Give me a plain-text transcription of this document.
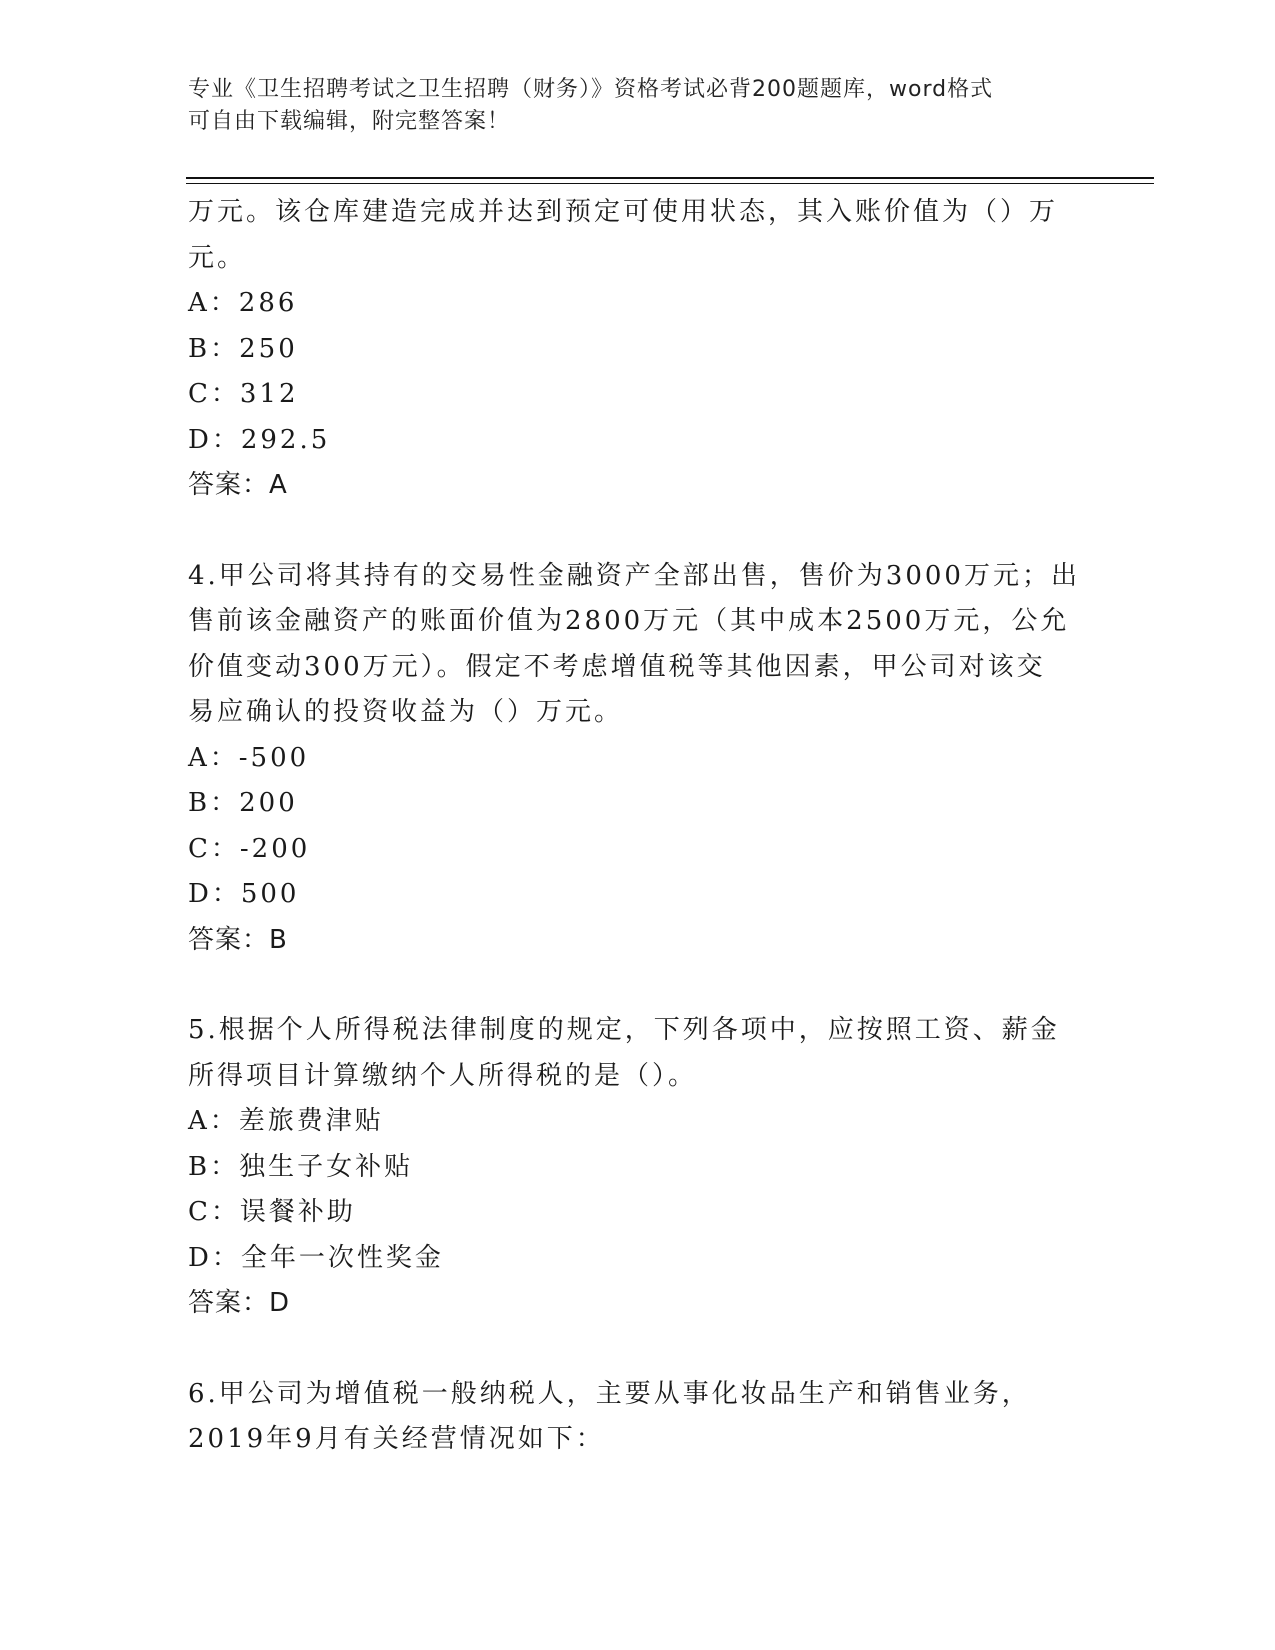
专业《卫生招聘考试之卫生招聘（财务）》资格考试必背200题题库，word格式
可自由下载编辑，附完整答案！

万元。该仓库建造完成并达到预定可使用状态，其入账价值为（）万

元。

A：286

B：250

C：312

D：292.5

答案：A

4.甲公司将其持有的交易性金融资产全部出售，售价为3000万元；出

售前该金融资产的账面价值为2800万元（其中成本2500万元，公允

价值变动300万元）。假定不考虑增值税等其他因素，甲公司对该交

易应确认的投资收益为（）万元。

A：-500

B：200

C：-200

D：500

答案：B

5.根据个人所得税法律制度的规定，下列各项中，应按照工资、薪金

所得项目计算缴纳个人所得税的是（）。

A：差旅费津贴

B：独生子女补贴

C：误餐补助

D：全年一次性奖金

答案：D

6.甲公司为增值税一般纳税人，主要从事化妆品生产和销售业务，

2019年9月有关经营情况如下：
